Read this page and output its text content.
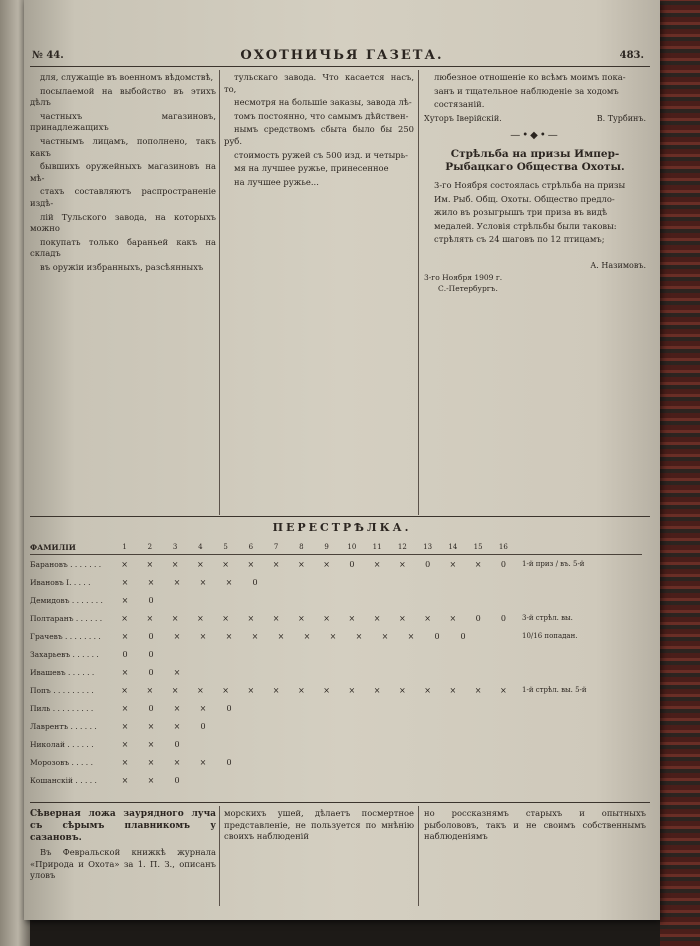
№ 44.	ОХОТНИЧЬЯ ГАЗЕТА.	483.

для, служащіе въ военномъ вѣдомствѣ,

посылаемой на выбойство въ этихъ дѣлъ

частныхъ магазиновъ, принадлежащихъ

частнымъ лицамъ, пополнено, такъ какъ

бывшихъ оружейныхъ магазиновъ на мѣ-

стахъ составляютъ распространеніе издѣ-

лій Тульского завода, на которыхъ можно

покупать только бараньей какъ на складъ

въ оружіи избранныхъ, разсѣянныхъ

тульскаго завода. Что касается насъ, то,

несмотря на большіе заказы, завода лѣ-

томъ постоянно, что самымъ дѣйствен-

нымъ средствомъ сбыта было бы 250 руб.

стоимость ружей съ 500 изд. и четырь-

мя на лучшее ружье, принесенное

на лучшее ружье...

любезное отношеніе ко всѣмъ моимъ пока-

занъ и тщательное наблюденіе за ходомъ

состязаній.

Хуторъ Іверійскій.	В. Турбинъ.
—•◆•—
Стрѣльба на призы Импер-Рыбацкаго Общества Охоты.

3-го Ноября состоялась стрѣльба на призы

Им. Рыб. Общ. Охоты. Общество предло-

жило въ розыгрышъ три приза въ видѣ

медалей. Условія стрѣльбы были таковы:

стрѣлять съ 24 шаговъ по 12 птицамъ;

А. Назимовъ.
3-го Ноября 1909 г.
С.-Петербургъ.
ПЕРЕСТРѢЛКА.
ФАМИЛІИ	1	2	3	4	5	6	7	8	9	10	11	12	13	14	15	16
Барановъ . . . . . . .	×	×	×	×	×	×	×	×	×	0	×	×	0	×	×	0	1-й приз / въ. 5-й
Ивановъ I. . . . .	×	×	×	×	×	0
Демидовъ . . . . . . .	×	0
Полтаранъ . . . . . .	×	×	×	×	×	×	×	×	×	×	×	×	×	×	0	0	3-й стрѣл. вы.
Грачевъ . . . . . . . .	×	0	×	×	×	×	×	×	×	×	×	×	0	0	10/16 попадан.
Захарьевъ . . . . . .	0	0
Ивашевъ . . . . . .	×	0	×
Попъ . . . . . . . . .	×	×	×	×	×	×	×	×	×	×	×	×	×	×	×	×	1-й стрѣл. вы. 5-й
Пиль . . . . . . . . .	×	0	×	×	0
Лаврентъ . . . . . .	×	×	×	0
Николай . . . . . .	×	×	0
Морозовъ . . . . .	×	×	×	×	0
Кошанскій . . . . .	×	×	0
Сѣверная ложа заурядного луча съ сѣрымъ плавникомъ у сазановъ.
Въ Февральской книжкѣ журнала «Природа и Охота» за 1. П. З., описанъ уловъ
морскихъ ушей, дѣлаетъ посмертное представленіе, не пользуется по мнѣнію своихъ наблюденій
но россказнямъ старыхъ и опытныхъ рыболововъ, такъ и не своимъ собственнымъ наблюденіямъ
